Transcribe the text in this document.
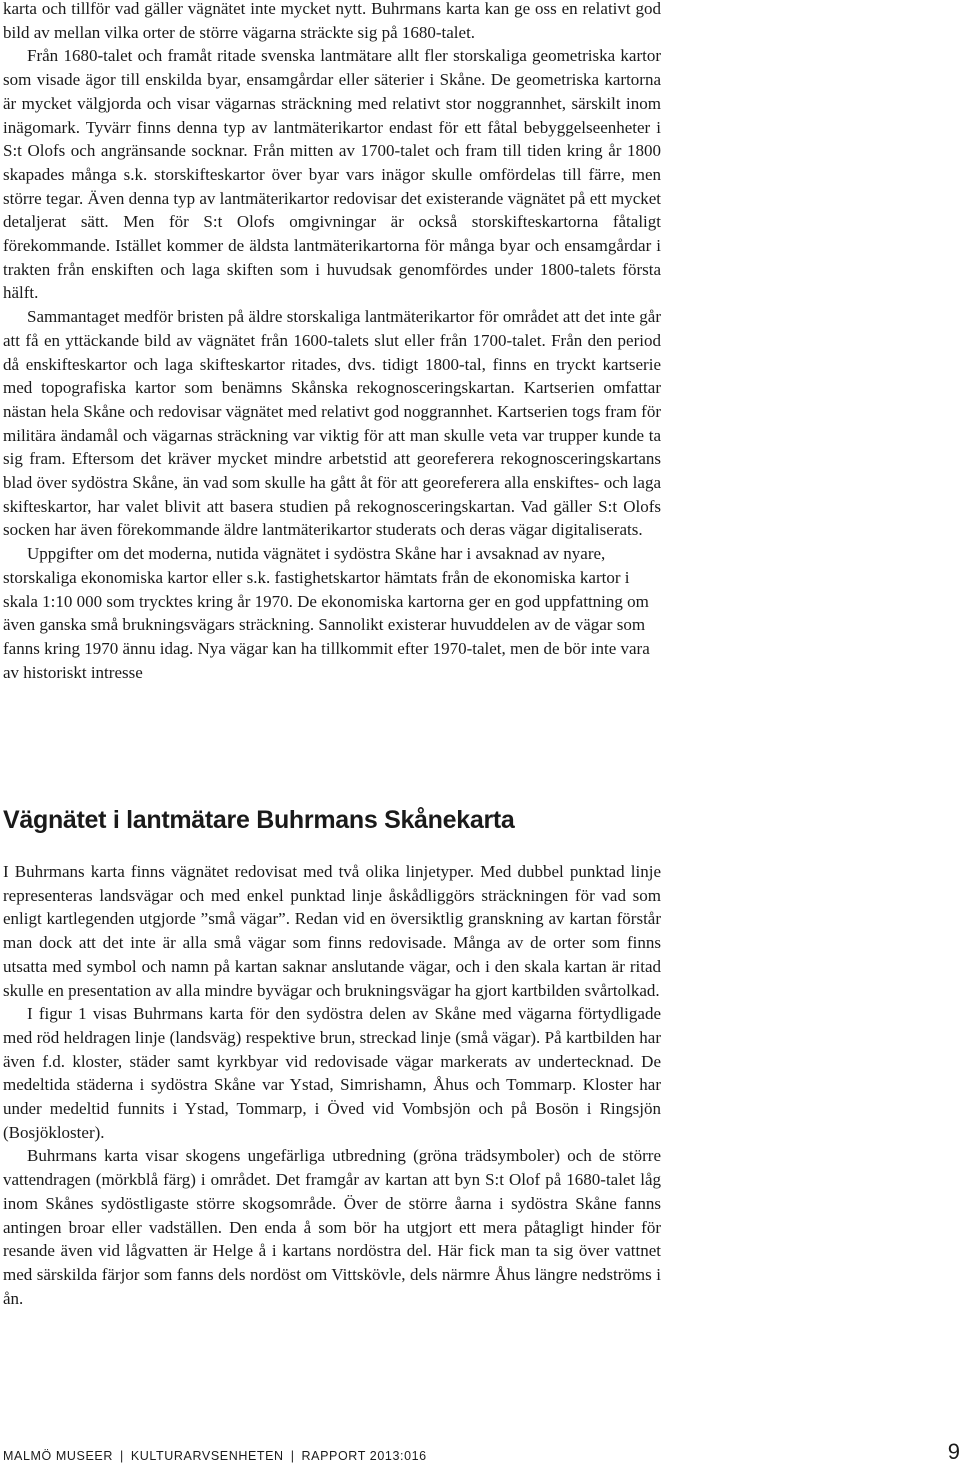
karta och tillför vad gäller vägnätet inte mycket nytt. Buhrmans karta kan ge oss en relativt god bild av mellan vilka orter de större vägarna sträckte sig på 1680-talet.

Från 1680-talet och framåt ritade svenska lantmätare allt fler storskaliga geometriska kartor som visade ägor till enskilda byar, ensamgårdar eller säterier i Skåne. De geometriska kartorna är mycket välgjorda och visar vägarnas sträckning med relativt stor noggrannhet, särskilt inom inägomark. Tyvärr finns denna typ av lantmäterikartor endast för ett fåtal bebyggelseenheter i S:t Olofs och angränsande socknar. Från mitten av 1700-talet och fram till tiden kring år 1800 skapades många s.k. storskifteskartor över byar vars inägor skulle omfördelas till färre, men större tegar. Även denna typ av lantmäterikartor redovisar det existerande vägnätet på ett mycket detaljerat sätt. Men för S:t Olofs omgivningar är också storskifteskartorna fåtaligt förekommande. Istället kommer de äldsta lantmäterikartorna för många byar och ensamgårdar i trakten från enskiften och laga skiften som i huvudsak genomfördes under 1800-talets första hälft.

Sammantaget medför bristen på äldre storskaliga lantmäterikartor för området att det inte går att få en yttäckande bild av vägnätet från 1600-talets slut eller från 1700-talet. Från den period då enskifteskartor och laga skifteskartor ritades, dvs. tidigt 1800-tal, finns en tryckt kartserie med topografiska kartor som benämns Skånska rekognosceringskartan. Kartserien omfattar nästan hela Skåne och redovisar vägnätet med relativt god noggrannhet. Kartserien togs fram för militära ändamål och vägarnas sträckning var viktig för att man skulle veta var trupper kunde ta sig fram. Eftersom det kräver mycket mindre arbetstid att georeferera rekognosceringskartans blad över sydöstra Skåne, än vad som skulle ha gått åt för att georeferera alla enskiftes- och laga skifteskartor, har valet blivit att basera studien på rekognosceringskartan. Vad gäller S:t Olofs socken har även förekommande äldre lantmäterikartor studerats och deras vägar digitaliserats.

Uppgifter om det moderna, nutida vägnätet i sydöstra Skåne har i avsaknad av nyare, storskaliga ekonomiska kartor eller s.k. fastighetskartor hämtats från de ekonomiska kartor i skala 1:10 000 som trycktes kring år 1970. De ekonomiska kartorna ger en god uppfattning om även ganska små brukningsvägars sträckning. Sannolikt existerar huvuddelen av de vägar som fanns kring 1970 ännu idag. Nya vägar kan ha tillkommit efter 1970-talet, men de bör inte vara av historiskt intresse

Vägnätet i lantmätare Buhrmans Skånekarta

I Buhrmans karta finns vägnätet redovisat med två olika linjetyper. Med dubbel punktad linje representeras landsvägar och med enkel punktad linje åskådliggörs sträckningen för vad som enligt kartlegenden utgjorde ”små vägar”. Redan vid en översiktlig granskning av kartan förstår man dock att det inte är alla små vägar som finns redovisade. Många av de orter som finns utsatta med symbol och namn på kartan saknar anslutande vägar, och i den skala kartan är ritad skulle en presentation av alla mindre byvägar och brukningsvägar ha gjort kartbilden svårtolkad.

I figur 1 visas Buhrmans karta för den sydöstra delen av Skåne med vägarna förtydligade med röd heldragen linje (landsväg) respektive brun, streckad linje (små vägar). På kartbilden har även f.d. kloster, städer samt kyrkbyar vid redovisade vägar markerats av undertecknad. De medeltida städerna i sydöstra Skåne var Ystad, Simrishamn, Åhus och Tommarp. Kloster har under medeltid funnits i Ystad, Tommarp, i Öved vid Vombsjön och på Bosön i Ringsjön (Bosjökloster).

Buhrmans karta visar skogens ungefärliga utbredning (gröna trädsymboler) och de större vattendragen (mörkblå färg) i området. Det framgår av kartan att byn S:t Olof på 1680-talet låg inom Skånes sydöstligaste större skogsområde. Över de större åarna i sydöstra Skåne fanns antingen broar eller vadställen. Den enda å som bör ha utgjort ett mera påtagligt hinder för resande även vid lågvatten är Helge å i kartans nordöstra del. Här fick man ta sig över vattnet med särskilda färjor som fanns dels nordöst om Vittskövle, dels närmre Åhus längre nedströms i ån.

MALMÖ MUSEER | KULTURARVSENHETEN | RAPPORT 2013:016	9
